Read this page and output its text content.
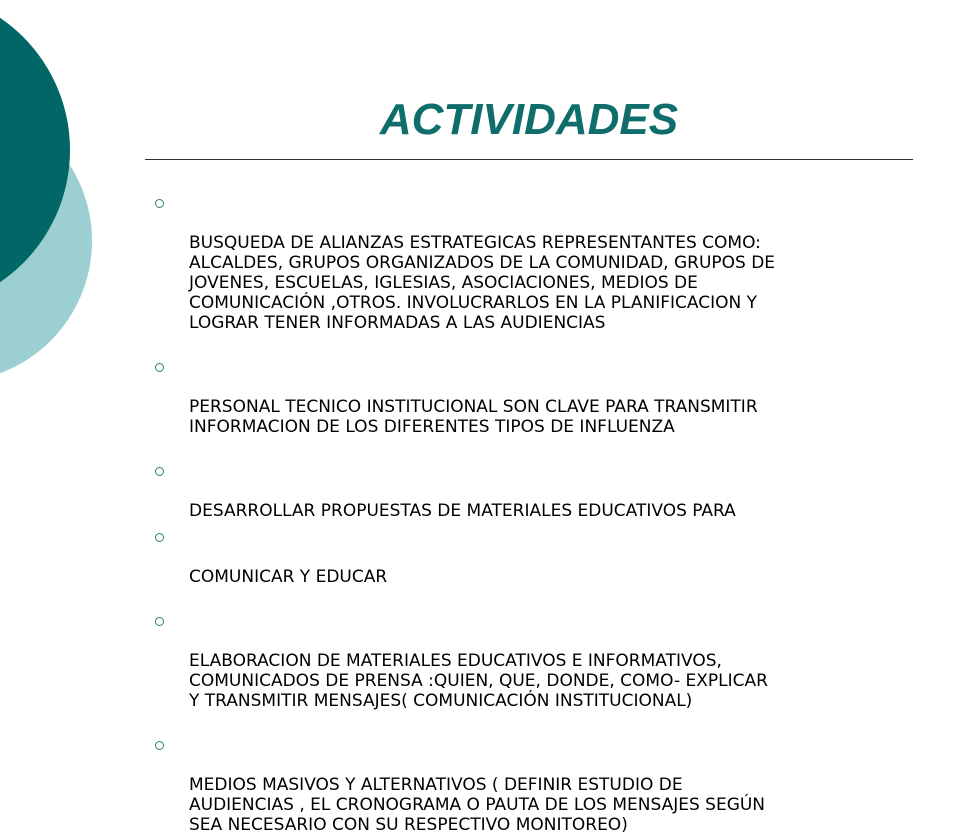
ACTIVIDADES

BUSQUEDA DE ALIANZAS ESTRATEGICAS REPRESENTANTES COMO:
ALCALDES, GRUPOS ORGANIZADOS DE LA COMUNIDAD, GRUPOS DE
JOVENES, ESCUELAS, IGLESIAS, ASOCIACIONES, MEDIOS DE
COMUNICACIÓN ,OTROS. INVOLUCRARLOS EN LA PLANIFICACION Y
LOGRAR TENER INFORMADAS A LAS AUDIENCIAS

PERSONAL TECNICO INSTITUCIONAL SON CLAVE PARA TRANSMITIR
INFORMACION DE LOS DIFERENTES TIPOS DE INFLUENZA

DESARROLLAR PROPUESTAS DE MATERIALES EDUCATIVOS PARA

COMUNICAR Y EDUCAR

ELABORACION DE MATERIALES EDUCATIVOS E INFORMATIVOS,
COMUNICADOS DE PRENSA :QUIEN, QUE, DONDE, COMO- EXPLICAR
Y TRANSMITIR MENSAJES( COMUNICACIÓN INSTITUCIONAL)

MEDIOS MASIVOS Y ALTERNATIVOS ( DEFINIR ESTUDIO DE
AUDIENCIAS , EL CRONOGRAMA O PAUTA DE LOS MENSAJES SEGÚN
SEA NECESARIO CON SU RESPECTIVO MONITOREO)
